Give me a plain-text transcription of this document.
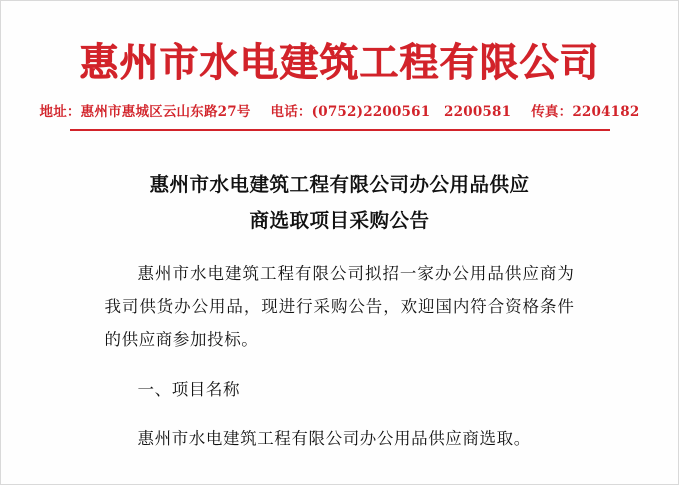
惠州市水电建筑工程有限公司
地址：惠州市惠城区云山东路27号 电话：(0752)2200561　2200581 传真：2204182
惠州市水电建筑工程有限公司办公用品供应
商选取项目采购公告

惠州市水电建筑工程有限公司拟招一家办公用品供应商为我司供货办公用品，现进行采购公告，欢迎国内符合资格条件的供应商参加投标。

一、项目名称

惠州市水电建筑工程有限公司办公用品供应商选取。
